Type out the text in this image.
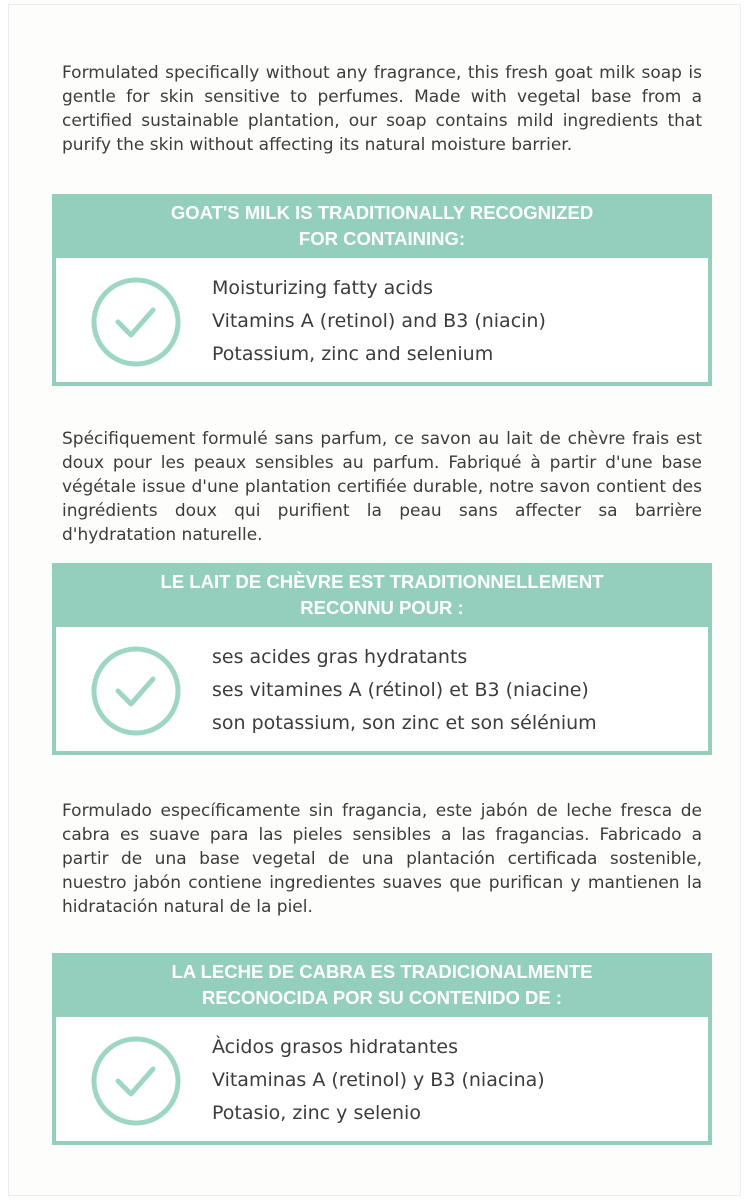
Formulated specifically without any fragrance, this fresh goat milk soap is gentle for skin sensitive to perfumes. Made with vegetal base from a certified sustainable plantation, our soap contains mild ingredients that purify the skin without affecting its natural moisture barrier.

GOAT'S MILK IS TRADITIONALLY RECOGNIZED
FOR CONTAINING:
Moisturizing fatty acids
Vitamins A (retinol) and B3 (niacin)
Potassium, zinc and selenium

Spécifiquement formulé sans parfum, ce savon au lait de chèvre frais est doux pour les peaux sensibles au parfum. Fabriqué à partir d'une base végétale issue d'une plantation certifiée durable, notre savon contient des ingrédients doux qui purifient la peau sans affecter sa barrière d'hydratation naturelle.

LE LAIT DE CHÈVRE EST TRADITIONNELLEMENT
RECONNU POUR :
ses acides gras hydratants
ses vitamines A (rétinol) et B3 (niacine)
son potassium, son zinc et son sélénium

Formulado específicamente sin fragancia, este jabón de leche fresca de cabra es suave para las pieles sensibles a las fragancias. Fabricado a partir de una base vegetal de una plantación certificada sostenible, nuestro jabón contiene ingredientes suaves que purifican y mantienen la hidratación natural de la piel.

LA LECHE DE CABRA ES TRADICIONALMENTE
RECONOCIDA POR SU CONTENIDO DE :
Àcidos grasos hidratantes
Vitaminas A (retinol) y B3 (niacina)
Potasio, zinc y selenio
